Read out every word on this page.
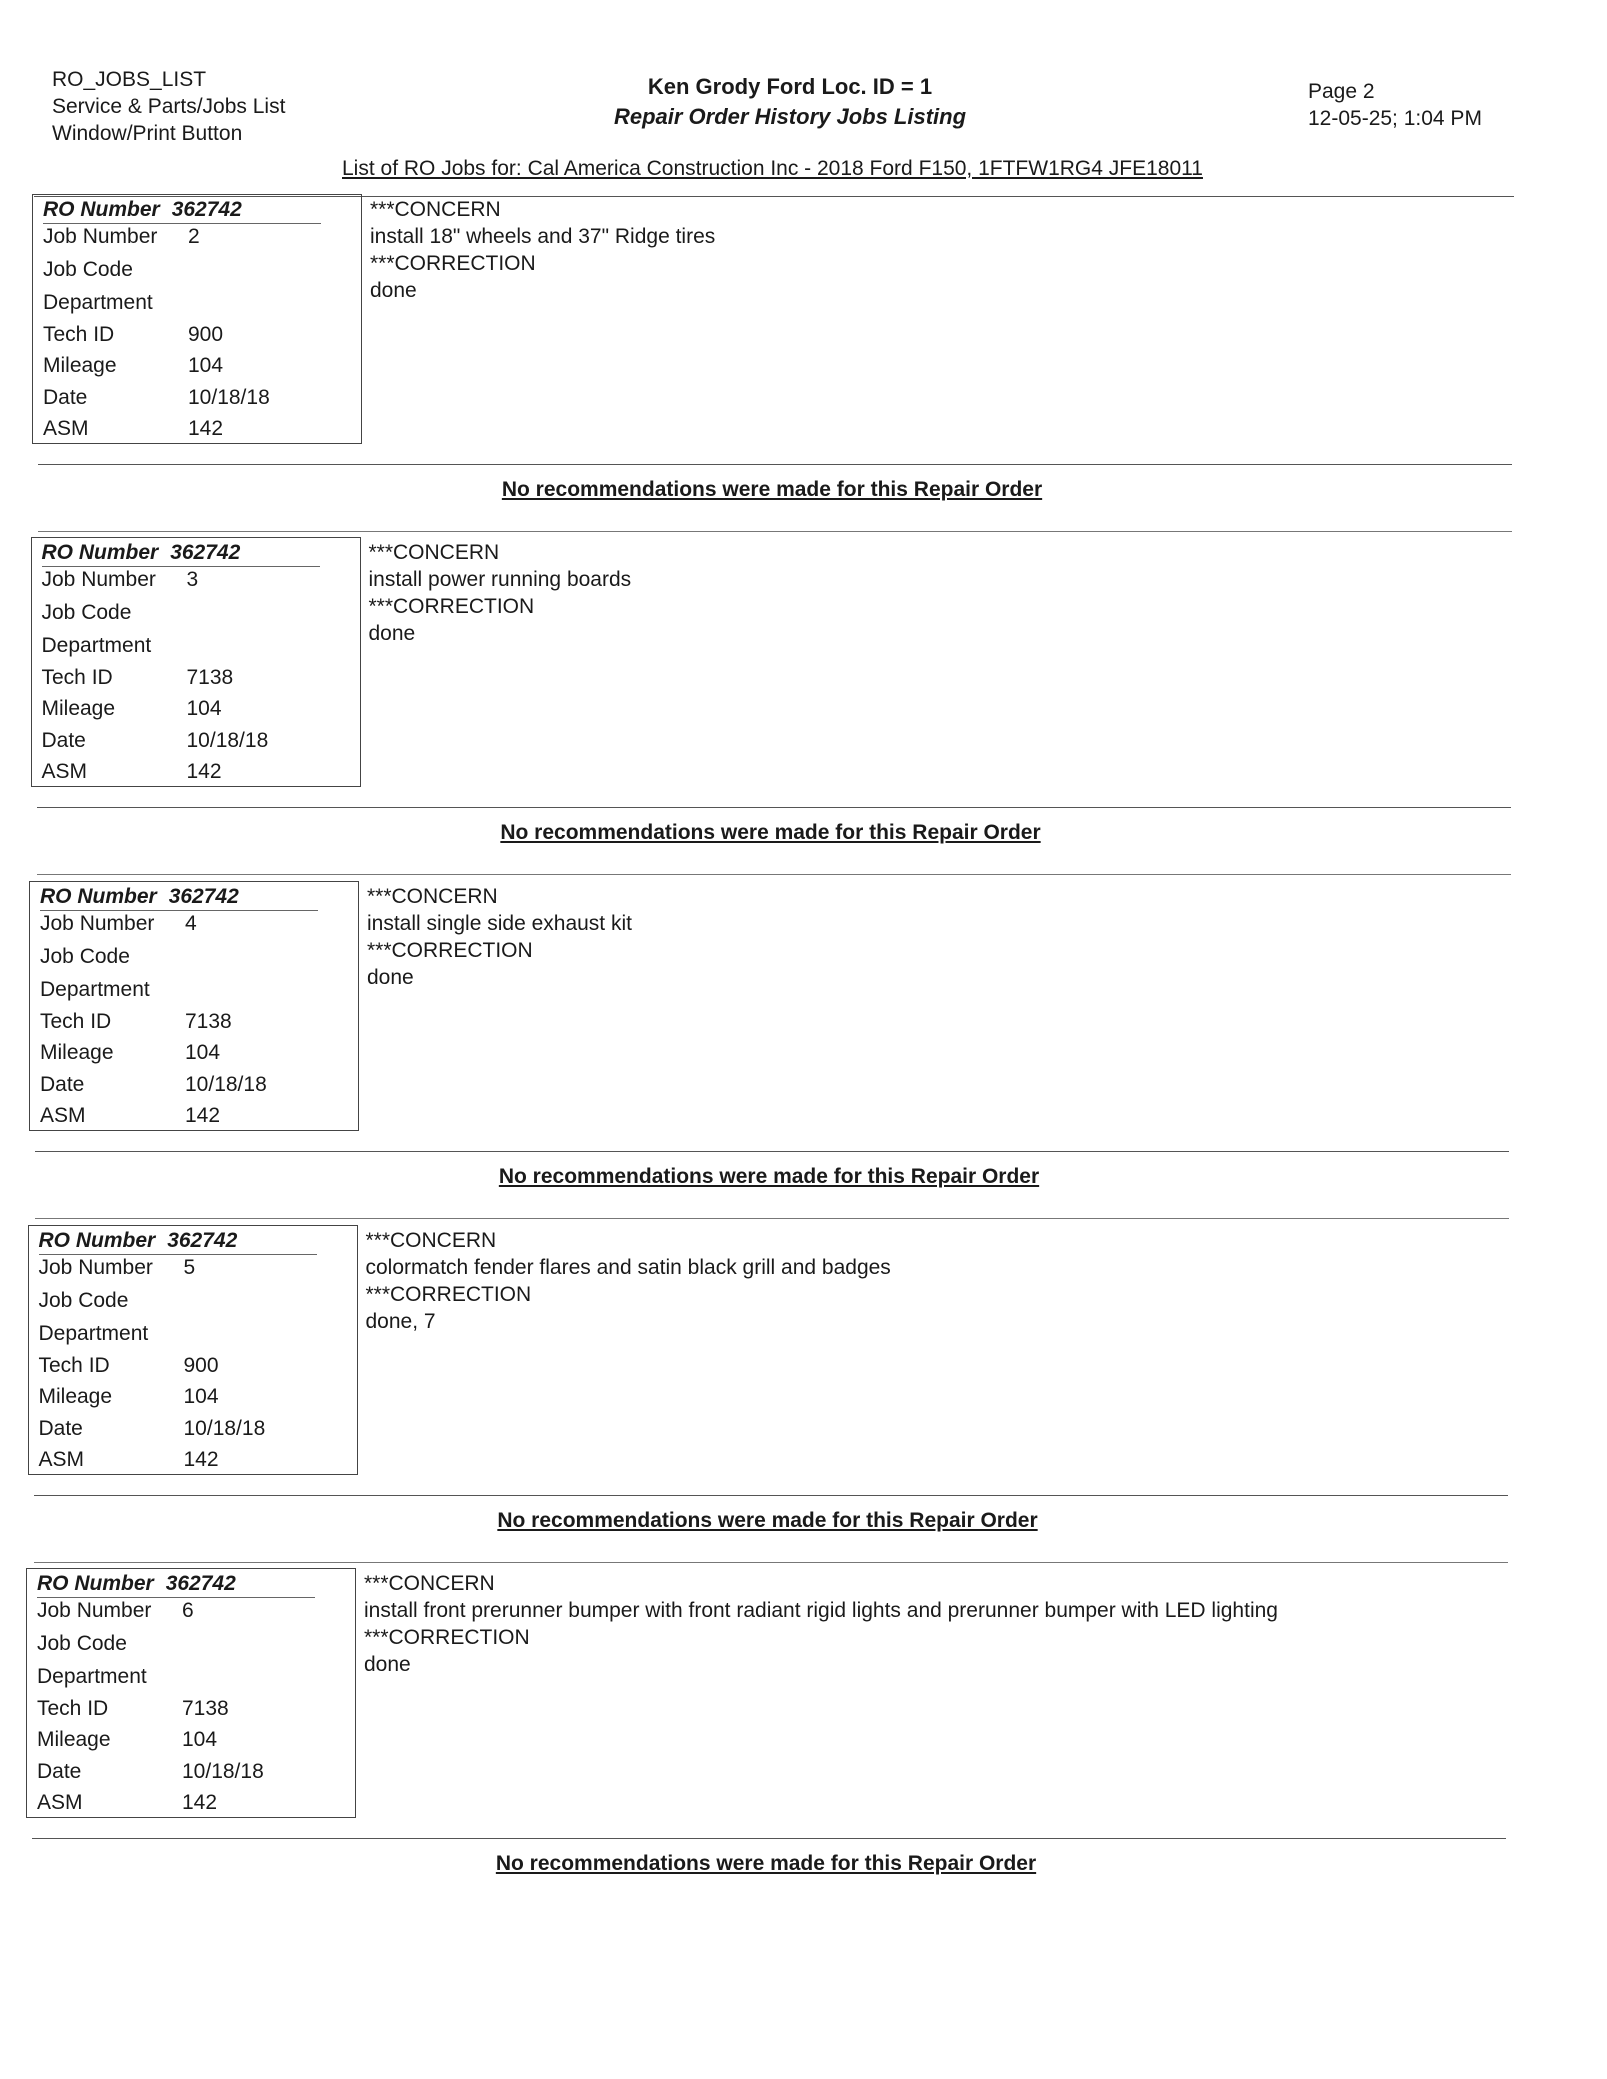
RO_JOBS_LIST
Service & Parts/Jobs List
Window/Print Button
Ken Grody Ford Loc. ID = 1
Repair Order History Jobs Listing
Page 2
12-05-25; 1:04 PM
List of RO Jobs for: Cal America Construction Inc - 2018 Ford F150, 1FTFW1RG4 JFE18011
RO Number 362742
Job Number 2
Job Code
Department
Tech ID	900
Mileage	104
Date	10/18/18
ASM	142
***CONCERN
install 18" wheels and 37" Ridge tires
***CORRECTION
done
No recommendations were made for this Repair Order
RO Number 362742
Job Number 3
Job Code
Department
Tech ID	7138
Mileage	104
Date	10/18/18
ASM	142
***CONCERN
install power running boards
***CORRECTION
done
No recommendations were made for this Repair Order
RO Number 362742
Job Number 4
Job Code
Department
Tech ID	7138
Mileage	104
Date	10/18/18
ASM	142
***CONCERN
install single side exhaust kit
***CORRECTION
done
No recommendations were made for this Repair Order
RO Number 362742
Job Number 5
Job Code
Department
Tech ID	900
Mileage	104
Date	10/18/18
ASM	142
***CONCERN
colormatch fender flares and satin black grill and badges
***CORRECTION
done, 7
No recommendations were made for this Repair Order
RO Number 362742
Job Number 6
Job Code
Department
Tech ID	7138
Mileage	104
Date	10/18/18
ASM	142
***CONCERN
install front prerunner bumper with front radiant rigid lights and prerunner bumper with LED lighting
***CORRECTION
done
No recommendations were made for this Repair Order
